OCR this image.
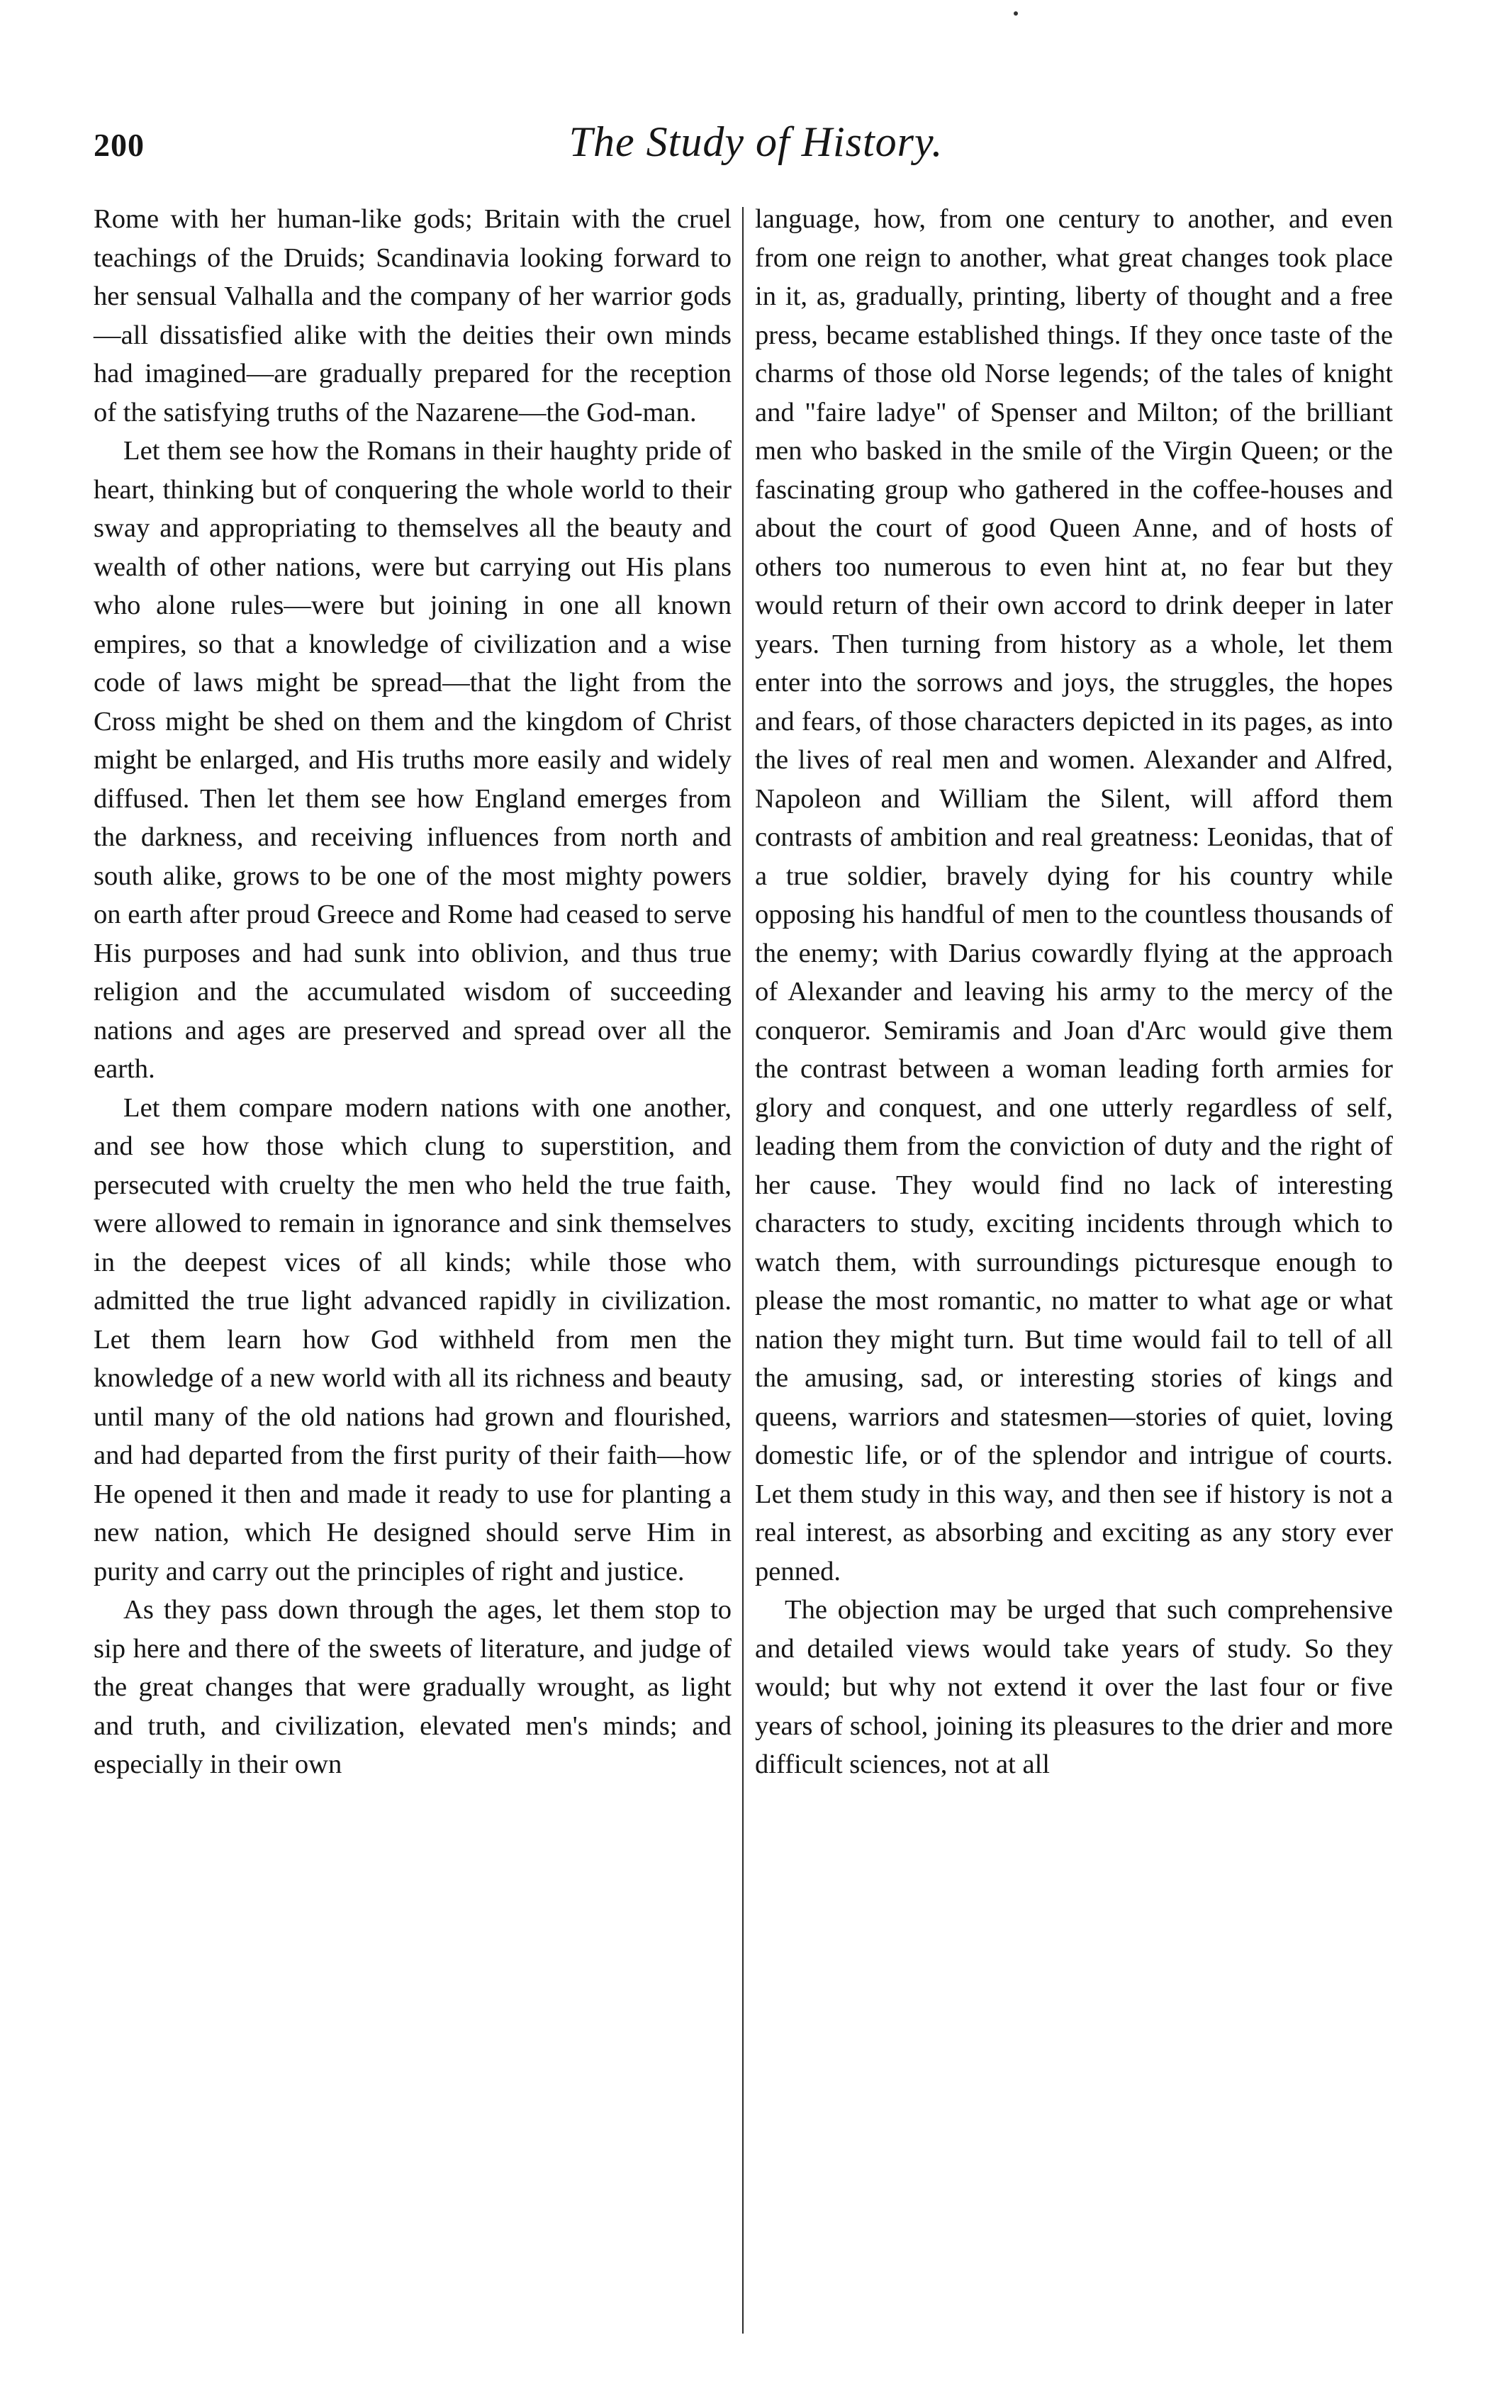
200	The Study of History.

Rome with her human-like gods; Britain with the cruel teachings of the Druids; Scandinavia looking forward to her sensual Valhalla and the company of her warrior gods—all dissatisfied alike with the deities their own minds had imagined—are gradually prepared for the reception of the satisfying truths of the Nazarene—the God-man.

Let them see how the Romans in their haughty pride of heart, thinking but of conquering the whole world to their sway and appropriating to themselves all the beauty and wealth of other nations, were but carrying out His plans who alone rules—were but joining in one all known empires, so that a knowledge of civilization and a wise code of laws might be spread—that the light from the Cross might be shed on them and the kingdom of Christ might be enlarged, and His truths more easily and widely diffused. Then let them see how England emerges from the darkness, and receiving influences from north and south alike, grows to be one of the most mighty powers on earth after proud Greece and Rome had ceased to serve His purposes and had sunk into oblivion, and thus true religion and the accumulated wisdom of succeeding nations and ages are preserved and spread over all the earth.

Let them compare modern nations with one another, and see how those which clung to superstition, and persecuted with cruelty the men who held the true faith, were allowed to remain in ignorance and sink themselves in the deepest vices of all kinds; while those who admitted the true light advanced rapidly in civilization. Let them learn how God withheld from men the knowledge of a new world with all its richness and beauty until many of the old nations had grown and flourished, and had departed from the first purity of their faith—how He opened it then and made it ready to use for planting a new nation, which He designed should serve Him in purity and carry out the principles of right and justice.

As they pass down through the ages, let them stop to sip here and there of the sweets of literature, and judge of the great changes that were gradually wrought, as light and truth, and civilization, elevated men's minds; and especially in their own

language, how, from one century to another, and even from one reign to another, what great changes took place in it, as, gradually, printing, liberty of thought and a free press, became established things. If they once taste of the charms of those old Norse legends; of the tales of knight and "faire ladye" of Spenser and Milton; of the brilliant men who basked in the smile of the Virgin Queen; or the fascinating group who gathered in the coffee-houses and about the court of good Queen Anne, and of hosts of others too numerous to even hint at, no fear but they would return of their own accord to drink deeper in later years. Then turning from history as a whole, let them enter into the sorrows and joys, the struggles, the hopes and fears, of those characters depicted in its pages, as into the lives of real men and women. Alexander and Alfred, Napoleon and William the Silent, will afford them contrasts of ambition and real greatness: Leonidas, that of a true soldier, bravely dying for his country while opposing his handful of men to the countless thousands of the enemy; with Darius cowardly flying at the approach of Alexander and leaving his army to the mercy of the conqueror. Semiramis and Joan d'Arc would give them the contrast between a woman leading forth armies for glory and conquest, and one utterly regardless of self, leading them from the conviction of duty and the right of her cause. They would find no lack of interesting characters to study, exciting incidents through which to watch them, with surroundings picturesque enough to please the most romantic, no matter to what age or what nation they might turn. But time would fail to tell of all the amusing, sad, or interesting stories of kings and queens, warriors and statesmen—stories of quiet, loving domestic life, or of the splendor and intrigue of courts. Let them study in this way, and then see if history is not a real interest, as absorbing and exciting as any story ever penned.

The objection may be urged that such comprehensive and detailed views would take years of study. So they would; but why not extend it over the last four or five years of school, joining its pleasures to the drier and more difficult sciences, not at all
